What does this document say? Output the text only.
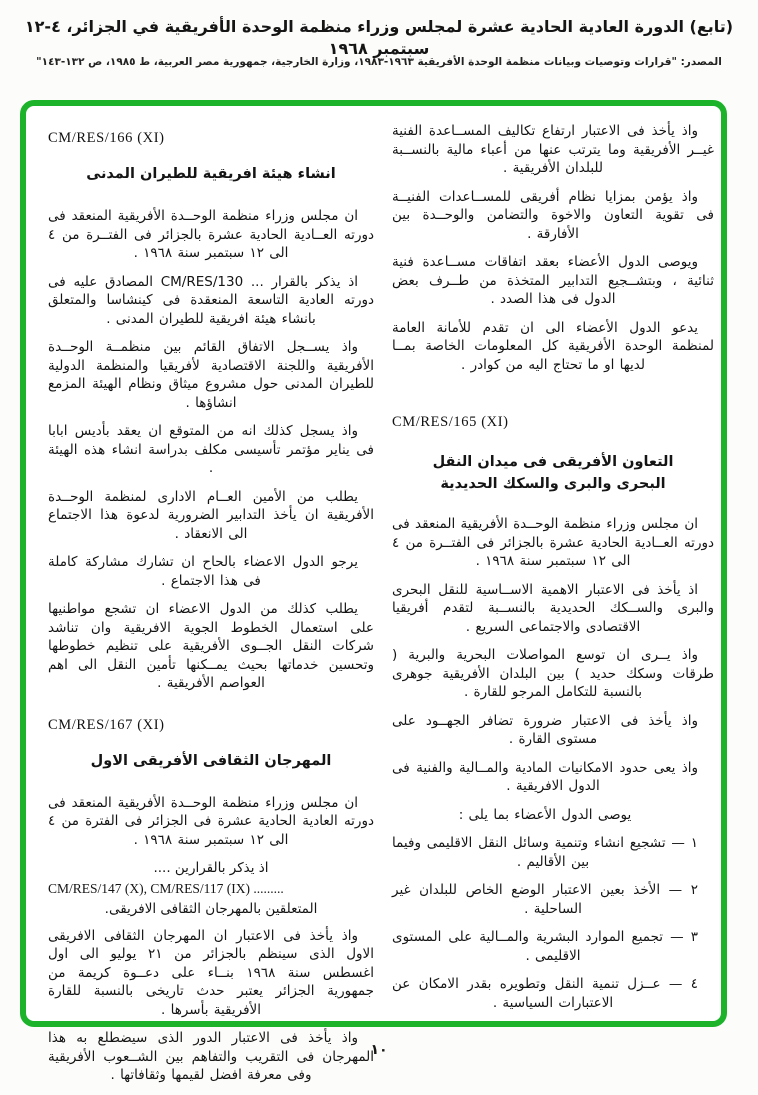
(تابع) الدورة العادية الحادية عشرة لمجلس وزراء منظمة الوحدة الأفريقية في الجزائر، ٤-١٢ سبتمبر ١٩٦٨
المصدر: "قرارات وتوصيات وبيانات منظمة الوحدة الأفريقية ١٩٦٣-١٩٨٣، وزارة الخارجية، جمهورية مصر العربية، ط ١٩٨٥، ص ١٣٢-١٤٣"
CM/RES/166 (XI)
انشاء هيئة افريقية للطيران المدنى

ان مجلس وزراء منظمة الوحــدة الأفريقية المنعقد فى دورته العــادية الحادية عشرة بالجزائر فى الفتــرة من ٤ الى ١٢ سبتمبر سنة ١٩٦٨ .

اذ يذكر بالقرار ... CM/RES/130 المصادق عليه فى دورته العادية التاسعة المنعقدة فى كينشاسا والمتعلق بانشاء هيئة افريقية للطيران المدنى .

واذ يســجل الاتفاق القائم بين منظمــة الوحــدة الأفريقية واللجنة الاقتصادية لأفريقيا والمنظمة الدولية للطيران المدنى حول مشروع ميثاق ونظام الهيئة المزمع انشاؤها .

واذ يسجل كذلك انه من المتوقع ان يعقد بأديس ابابا فى يناير مؤتمر تأسيسى مكلف بدراسة انشاء هذه الهيئة .

يطلب من الأمين العــام الادارى لمنظمة الوحــدة الأفريقية ان يأخذ التدابير الضرورية لدعوة هذا الاجتماع الى الانعقاد .

يرجو الدول الاعضاء بالحاح ان تشارك مشاركة كاملة فى هذا الاجتماع .

يطلب كذلك من الدول الاعضاء ان تشجع مواطنيها على استعمال الخطوط الجوية الافريقية وان تناشد شركات النقل الجــوى الأفريقية على تنظيم خطوطها وتحسين خدماتها بحيث يمــكنها تأمين النقل الى اهم العواصم الأفريقية .

CM/RES/167 (XI)
المهرجان الثقافى الأفريقى الاول

ان مجلس وزراء منظمة الوحــدة الأفريقية المنعقد فى دورته العادية الحادية عشرة فى الجزائر فى الفترة من ٤ الى ١٢ سبتمبر سنة ١٩٦٨ .

اذ يذكر بالقرارين ....
CM/RES/147 (X), CM/RES/117 (IX) .........
المتعلقين بالمهرجان الثقافى الافريقى.

واذ يأخذ فى الاعتبار ان المهرجان الثقافى الافريقى الاول الذى سينظم بالجزائر من ٢١ يوليو الى اول اغسطس سنة ١٩٦٨ بنــاء على دعــوة كريمة من جمهورية الجزائر يعتبر حدث تاريخى بالنسبة للقارة الأفريقية بأسرها .

واذ يأخذ فى الاعتبار الدور الذى سيضطلع به هذا المهرجان فى التقريب والتفاهم بين الشــعوب الأفريقية وفى معرفة افضل لقيمها وثقافاتها .

واذ يأخذ فى الاعتبار ارتفاع تكاليف المســاعدة الفنية غيــر الأفريقية وما يترتب عنها من أعباء مالية بالنســبة للبلدان الأفريقية .

واذ يؤمن بمزايا نظام أفريقى للمســاعدات الفنيــة فى تقوية التعاون والاخوة والتضامن والوحــدة بين الأفارقة .

ويوصى الدول الأعضاء بعقد اتفاقات مســاعدة فنية ثنائية ، وبتشــجيع التدابير المتخذة من طــرف بعض الدول فى هذا الصدد .

يدعو الدول الأعضاء الى ان تقدم للأمانة العامة لمنظمة الوحدة الأفريقية كل المعلومات الخاصة بمــا لديها او ما تحتاج اليه من كوادر .

CM/RES/165 (XI)
التعاون الأفريقى فى ميدان النقل
البحرى والبرى والسكك الحديدية

ان مجلس وزراء منظمة الوحــدة الأفريقية المنعقد فى دورته العــادية الحادية عشرة بالجزائر فى الفتــرة من ٤ الى ١٢ سبتمبر سنة ١٩٦٨ .

اذ يأخذ فى الاعتبار الاهمية الاســاسية للنقل البحرى والبرى والســكك الحديدية بالنســبة لتقدم أفريقيا الاقتصادى والاجتماعى السريع .

واذ يــرى ان توسع المواصلات البحرية والبرية ( طرقات وسكك حديد ) بين البلدان الأفريقية جوهرى بالنسبة للتكامل المرجو للقارة .

واذ يأخذ فى الاعتبار ضرورة تضافر الجهــود على مستوى القارة .

واذ يعى حدود الامكانيات المادية والمــالية والفنية فى الدول الافريقية .

يوصى الدول الأعضاء بما يلى :

١ — تشجيع انشاء وتنمية وسائل النقل الاقليمى وفيما بين الأقاليم .

٢ — الأخذ بعين الاعتبار الوضع الخاص للبلدان غير الساحلية .

٣ — تجميع الموارد البشرية والمــالية على المستوى الاقليمى .

٤ — عــزل تنمية النقل وتطويره بقدر الامكان عن الاعتبارات السياسية .

١٠
